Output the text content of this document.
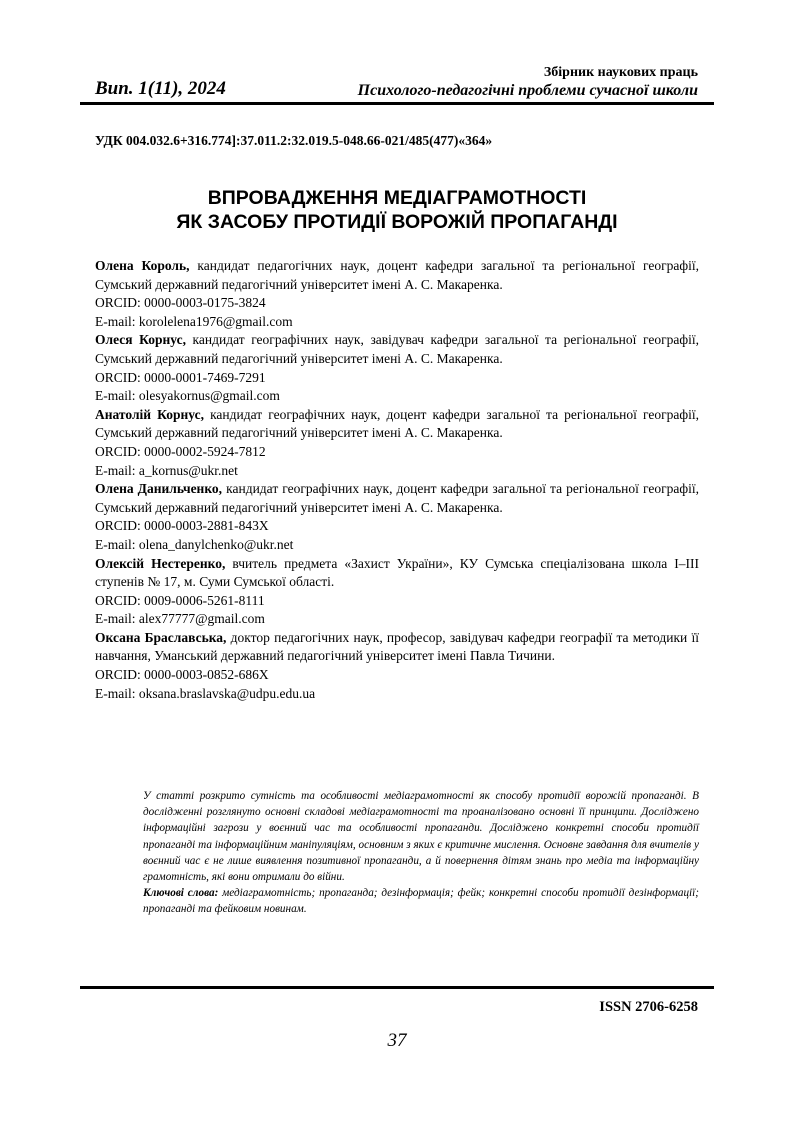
Вип. 1(11), 2024
Збірник наукових праць
Психолого-педагогічні проблеми сучасної школи
УДК 004.032.6+316.774]:37.011.2:32.019.5-048.66-021/485(477)«364»
ВПРОВАДЖЕННЯ МЕДІАГРАМОТНОСТІ
ЯК ЗАСОБУ ПРОТИДІЇ ВОРОЖІЙ ПРОПАГАНДІ
Олена Король, кандидат педагогічних наук, доцент кафедри загальної та регіональної географії, Сумський державний педагогічний університет імені А. С. Макаренка.
ORCID: 0000-0003-0175-3824
E-mail: korolelena1976@gmail.com
Олеся Корнус, кандидат географічних наук, завідувач кафедри загальної та регіональної географії, Сумський державний педагогічний університет імені А. С. Макаренка.
ORCID: 0000-0001-7469-7291
E-mail: olesyakornus@gmail.com
Анатолій Корнус, кандидат географічних наук, доцент кафедри загальної та регіональної географії, Сумський державний педагогічний університет імені А. С. Макаренка.
ORCID: 0000-0002-5924-7812
E-mail: a_kornus@ukr.net
Олена Данильченко, кандидат географічних наук, доцент кафедри загальної та регіональної географії, Сумський державний педагогічний університет імені А. С. Макаренка.
ORCID: 0000-0003-2881-843X
E-mail: olena_danylchenko@ukr.net
Олексій Нестеренко, вчитель предмета «Захист України», КУ Сумська спеціалізована школа І–ІІІ ступенів № 17, м. Суми Сумської області.
ORCID: 0009-0006-5261-8111
E-mail: alex77777@gmail.com
Оксана Браславська, доктор педагогічних наук, професор, завідувач кафедри географії та методики її навчання, Уманський державний педагогічний університет імені Павла Тичини.
ORCID: 0000-0003-0852-686X
E-mail: oksana.braslavska@udpu.edu.ua

У статті розкрито сутність та особливості медіаграмотності як способу протидії ворожій пропаганді. В дослідженні розглянуто основні складові медіаграмотності та проаналізовано основні її принципи. Досліджено інформаційні загрози у воєнний час та особливості пропаганди. Досліджено конкретні способи протидії пропаганді та інформаційним маніпуляціям, основним з яких є критичне мислення. Основне завдання для вчителів у воєнний час є не лише виявлення позитивної пропаганди, а й повернення дітям знань про медіа та інформаційну грамотність, які вони отримали до війни.

Ключові слова: медіаграмотність; пропаганда; дезінформація; фейк; конкретні способи протидії дезінформації; пропаганді та фейковим новинам.

ISSN 2706-6258
37
